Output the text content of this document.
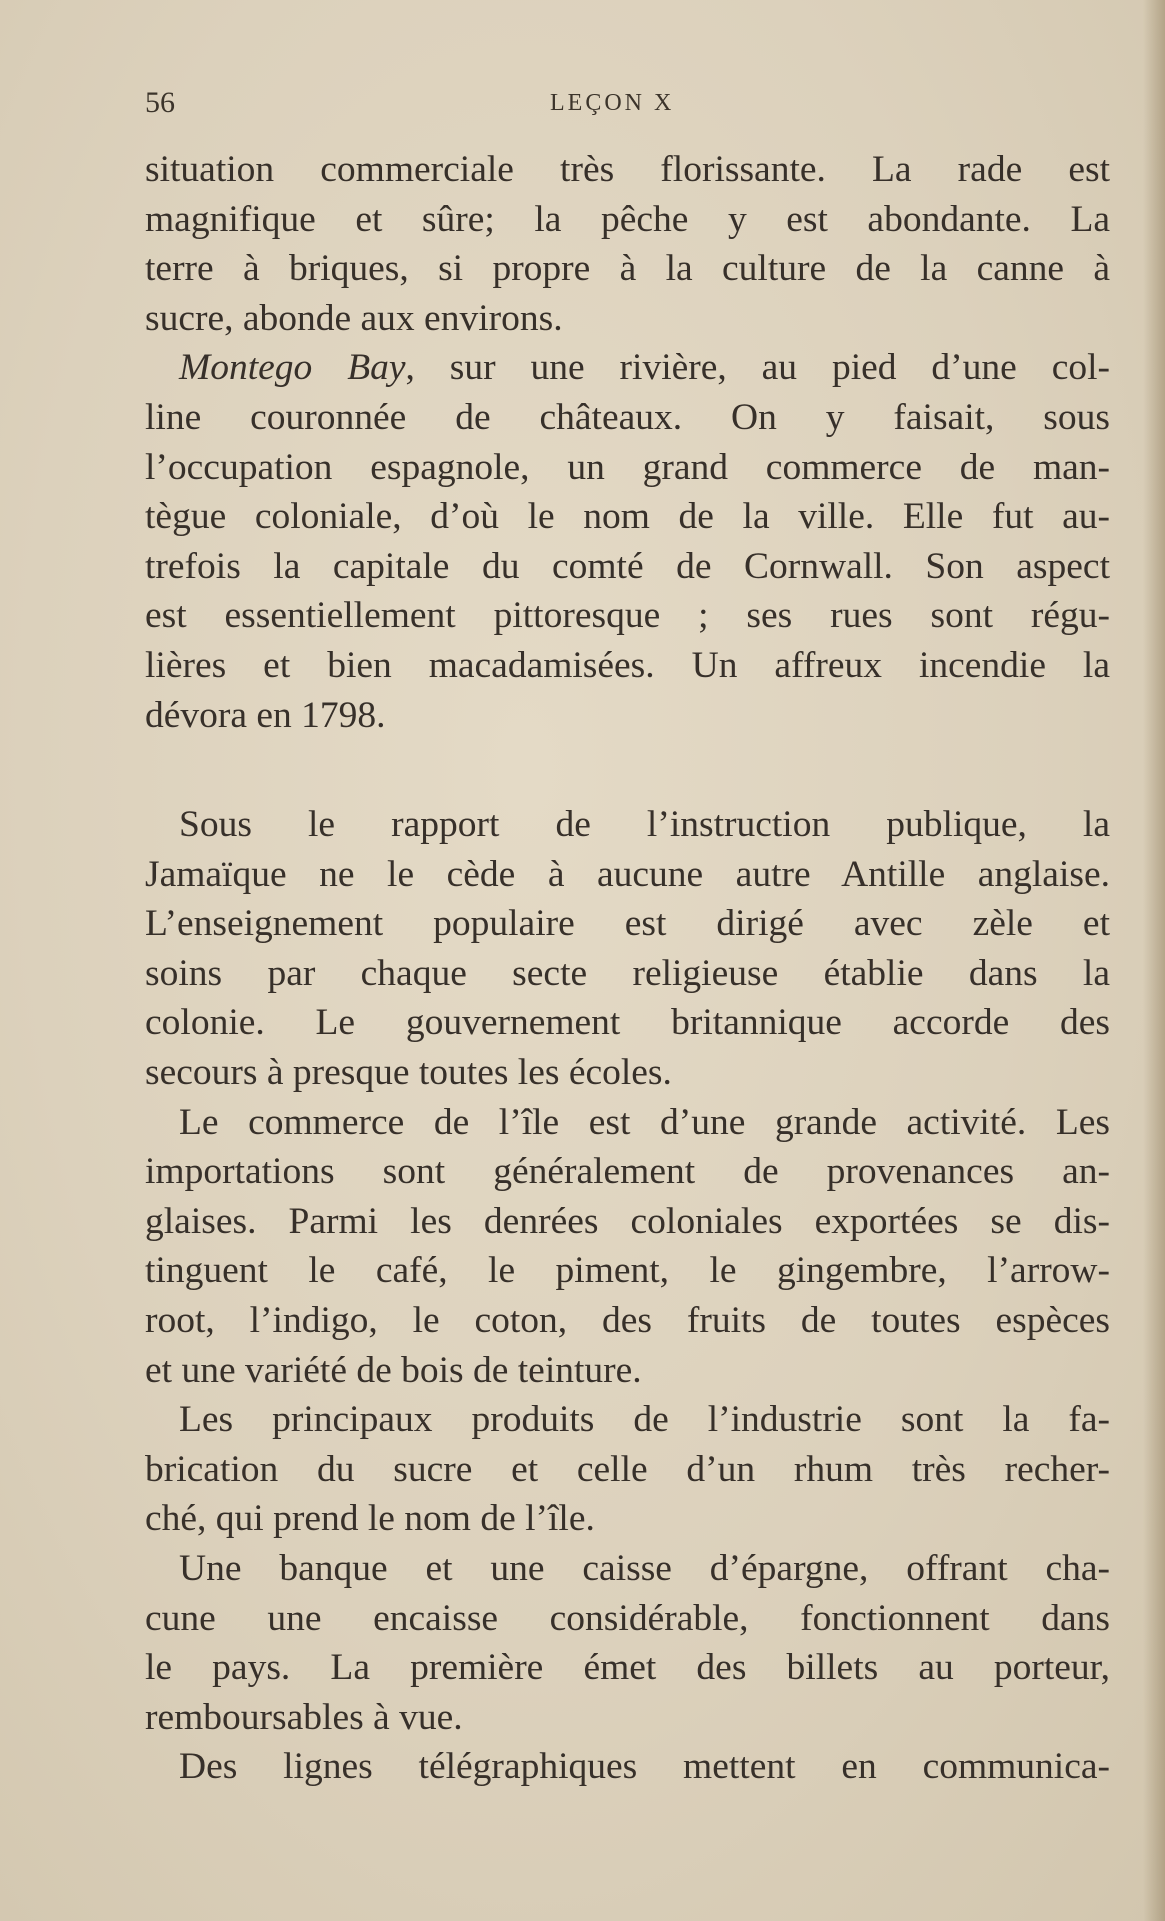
56	LEÇON X
situation commerciale très florissante. La rade est
magnifique et sûre; la pêche y est abondante. La
terre à briques, si propre à la culture de la canne à
sucre, abonde aux environs.
Montego Bay, sur une rivière, au pied d’une col-
line couronnée de châteaux. On y faisait, sous
l’occupation espagnole, un grand commerce de man-
tègue coloniale, d’où le nom de la ville. Elle fut au-
trefois la capitale du comté de Cornwall. Son aspect
est essentiellement pittoresque ; ses rues sont régu-
lières et bien macadamisées. Un affreux incendie la
dévora en 1798.
Sous le rapport de l’instruction publique, la
Jamaïque ne le cède à aucune autre Antille anglaise.
L’enseignement populaire est dirigé avec zèle et
soins par chaque secte religieuse établie dans la
colonie. Le gouvernement britannique accorde des
secours à presque toutes les écoles.
Le commerce de l’île est d’une grande activité. Les
importations sont généralement de provenances an-
glaises. Parmi les denrées coloniales exportées se dis-
tinguent le café, le piment, le gingembre, l’arrow-
root, l’indigo, le coton, des fruits de toutes espèces
et une variété de bois de teinture.
Les principaux produits de l’industrie sont la fa-
brication du sucre et celle d’un rhum très recher-
ché, qui prend le nom de l’île.
Une banque et une caisse d’épargne, offrant cha-
cune une encaisse considérable, fonctionnent dans
le pays. La première émet des billets au porteur,
remboursables à vue.
Des lignes télégraphiques mettent en communica-
